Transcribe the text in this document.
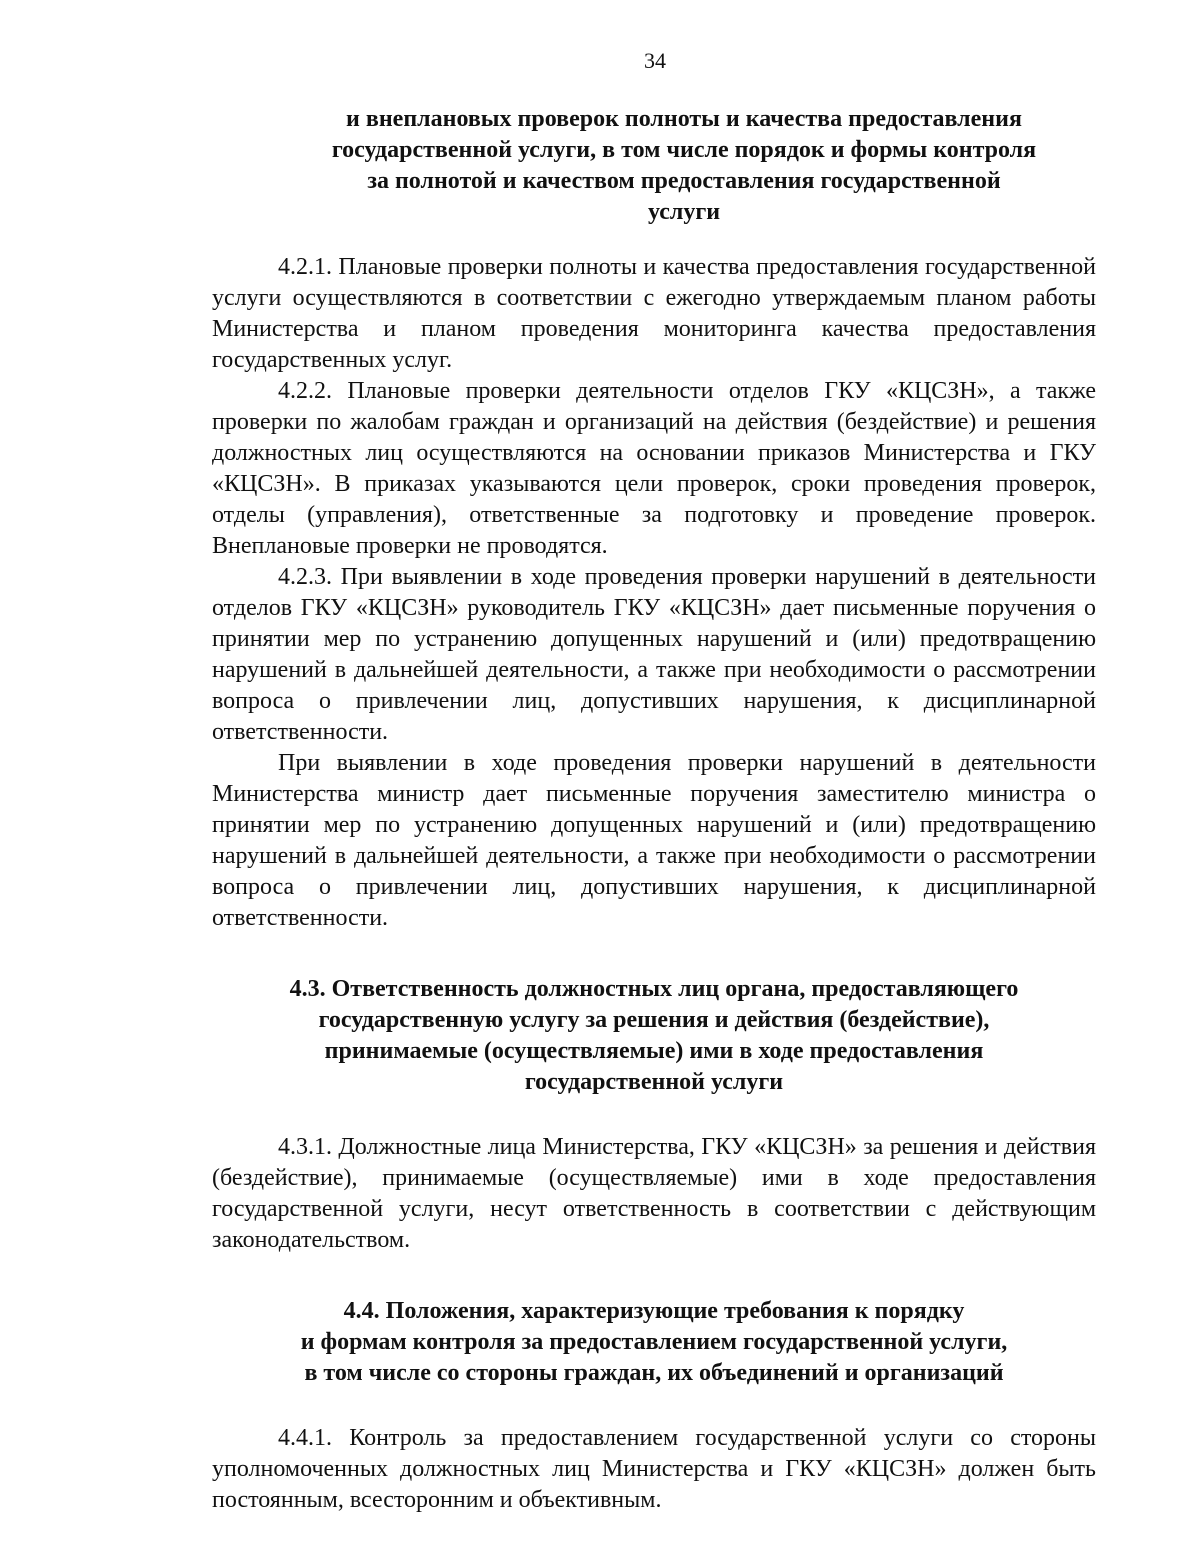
34
и внеплановых проверок полноты и качества предоставления
государственной услуги, в том числе порядок и формы контроля
за полнотой и качеством предоставления государственной
услуги

4.2.1. Плановые проверки полноты и качества предоставления государственной услуги осуществляются в соответствии с ежегодно утверждаемым планом работы Министерства и планом проведения мониторинга качества предоставления государственных услуг.

4.2.2. Плановые проверки деятельности отделов ГКУ «КЦСЗН», а также проверки по жалобам граждан и организаций на действия (бездействие) и решения должностных лиц осуществляются на основании приказов Министерства и ГКУ «КЦСЗН». В приказах указываются цели проверок, сроки проведения проверок, отделы (управления), ответственные за подготовку и проведение проверок. Внеплановые проверки не проводятся.

4.2.3. При выявлении в ходе проведения проверки нарушений в деятельности отделов ГКУ «КЦСЗН» руководитель ГКУ «КЦСЗН» дает письменные поручения о принятии мер по устранению допущенных нарушений и (или) предотвращению нарушений в дальнейшей деятельности, а также при необходимости о рассмотрении вопроса о привлечении лиц, допустивших нарушения, к дисциплинарной ответственности.

При выявлении в ходе проведения проверки нарушений в деятельности Министерства министр дает письменные поручения заместителю министра о принятии мер по устранению допущенных нарушений и (или) предотвращению нарушений в дальнейшей деятельности, а также при необходимости о рассмотрении вопроса о привлечении лиц, допустивших нарушения, к дисциплинарной ответственности.

4.3. Ответственность должностных лиц органа, предоставляющего
государственную услугу за решения и действия (бездействие),
принимаемые (осуществляемые) ими в ходе предоставления
государственной услуги

4.3.1. Должностные лица Министерства, ГКУ «КЦСЗН» за решения и действия (бездействие), принимаемые (осуществляемые) ими в ходе предоставления государственной услуги, несут ответственность в соответствии с действующим законодательством.

4.4. Положения, характеризующие требования к порядку
и формам контроля за предоставлением государственной услуги,
в том числе со стороны граждан, их объединений и организаций

4.4.1. Контроль за предоставлением государственной услуги со стороны уполномоченных должностных лиц Министерства и ГКУ «КЦСЗН» должен быть постоянным, всесторонним и объективным.
